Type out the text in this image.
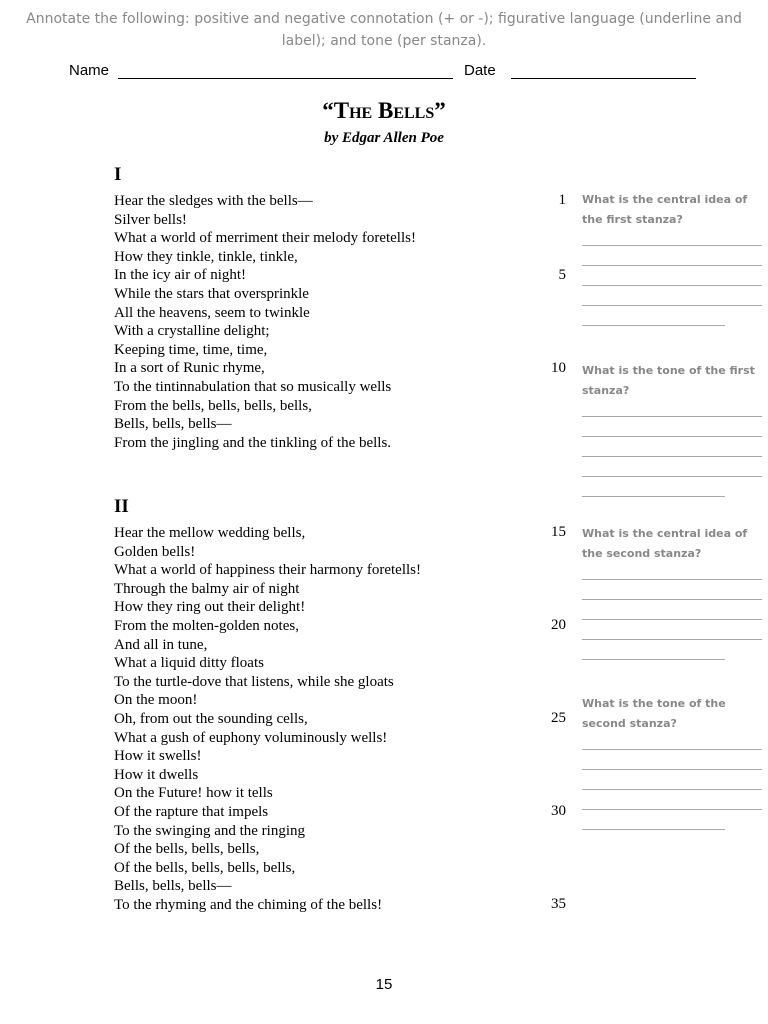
Annotate the following: positive and negative connotation (+ or -); figurative language (underline and label); and tone (per stanza).
Name	Date
“The Bells”
by Edgar Allen Poe
I
Hear the sledges with the bells—
Silver bells!
What a world of merriment their melody foretells!
How they tinkle, tinkle, tinkle,
In the icy air of night!
While the stars that oversprinkle
All the heavens, seem to twinkle
With a crystalline delight;
Keeping time, time, time,
In a sort of Runic rhyme,
To the tintinnabulation that so musically wells
From the bells, bells, bells, bells,
Bells, bells, bells—
From the jingling and the tinkling of the bells.
1
5
10
II
Hear the mellow wedding bells,
Golden bells!
What a world of happiness their harmony foretells!
Through the balmy air of night
How they ring out their delight!
From the molten-golden notes,
And all in tune,
What a liquid ditty floats
To the turtle-dove that listens, while she gloats
On the moon!
Oh, from out the sounding cells,
What a gush of euphony voluminously wells!
How it swells!
How it dwells
On the Future! how it tells
Of the rapture that impels
To the swinging and the ringing
Of the bells, bells, bells,
Of the bells, bells, bells, bells,
Bells, bells, bells—
To the rhyming and the chiming of the bells!
15
20
25
30
35
What is the central idea of the first stanza?
What is the tone of the first stanza?
What is the central idea of the second stanza?
What is the tone of the second stanza?
15
